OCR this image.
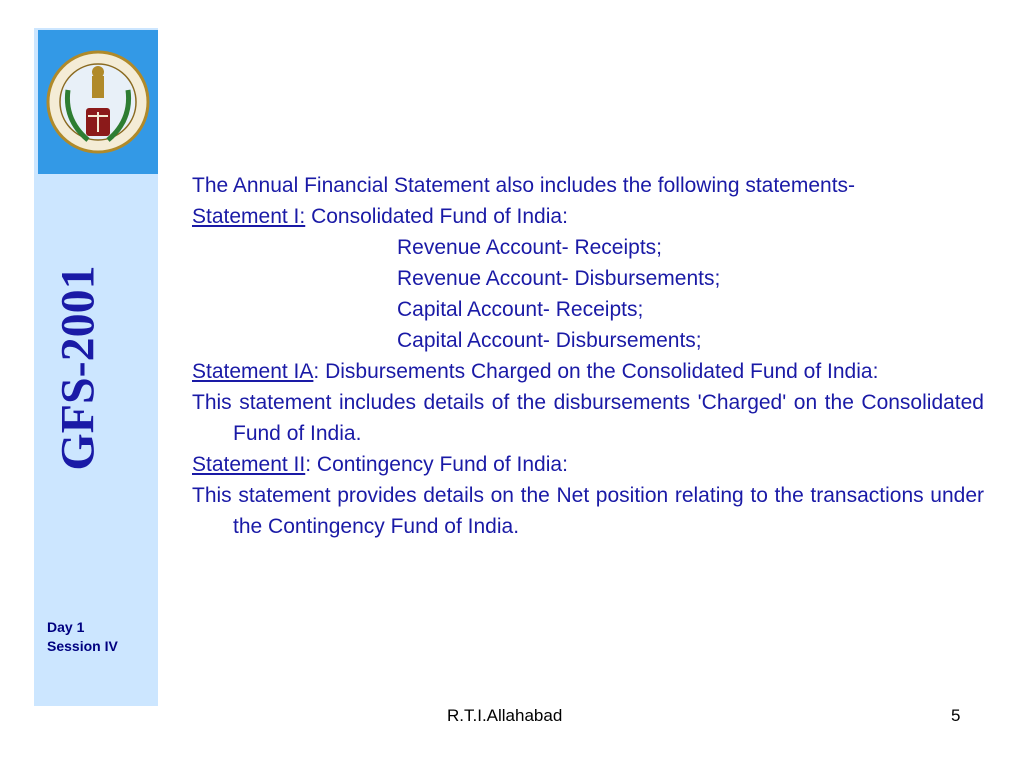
GFS-2001
Day 1
Session IV

The Annual Financial Statement also includes the following statements-

Statement I: Consolidated Fund of India:

Revenue Account- Receipts;

Revenue Account- Disbursements;

Capital Account- Receipts;

Capital Account- Disbursements;

Statement IA: Disbursements Charged on the Consolidated Fund of India:

This statement includes details of the disbursements 'Charged' on the Consolidated Fund of India.

Statement II: Contingency Fund of India:

This statement provides details on the Net position relating to the transactions under the Contingency Fund of India.

R.T.I.Allahabad	5
